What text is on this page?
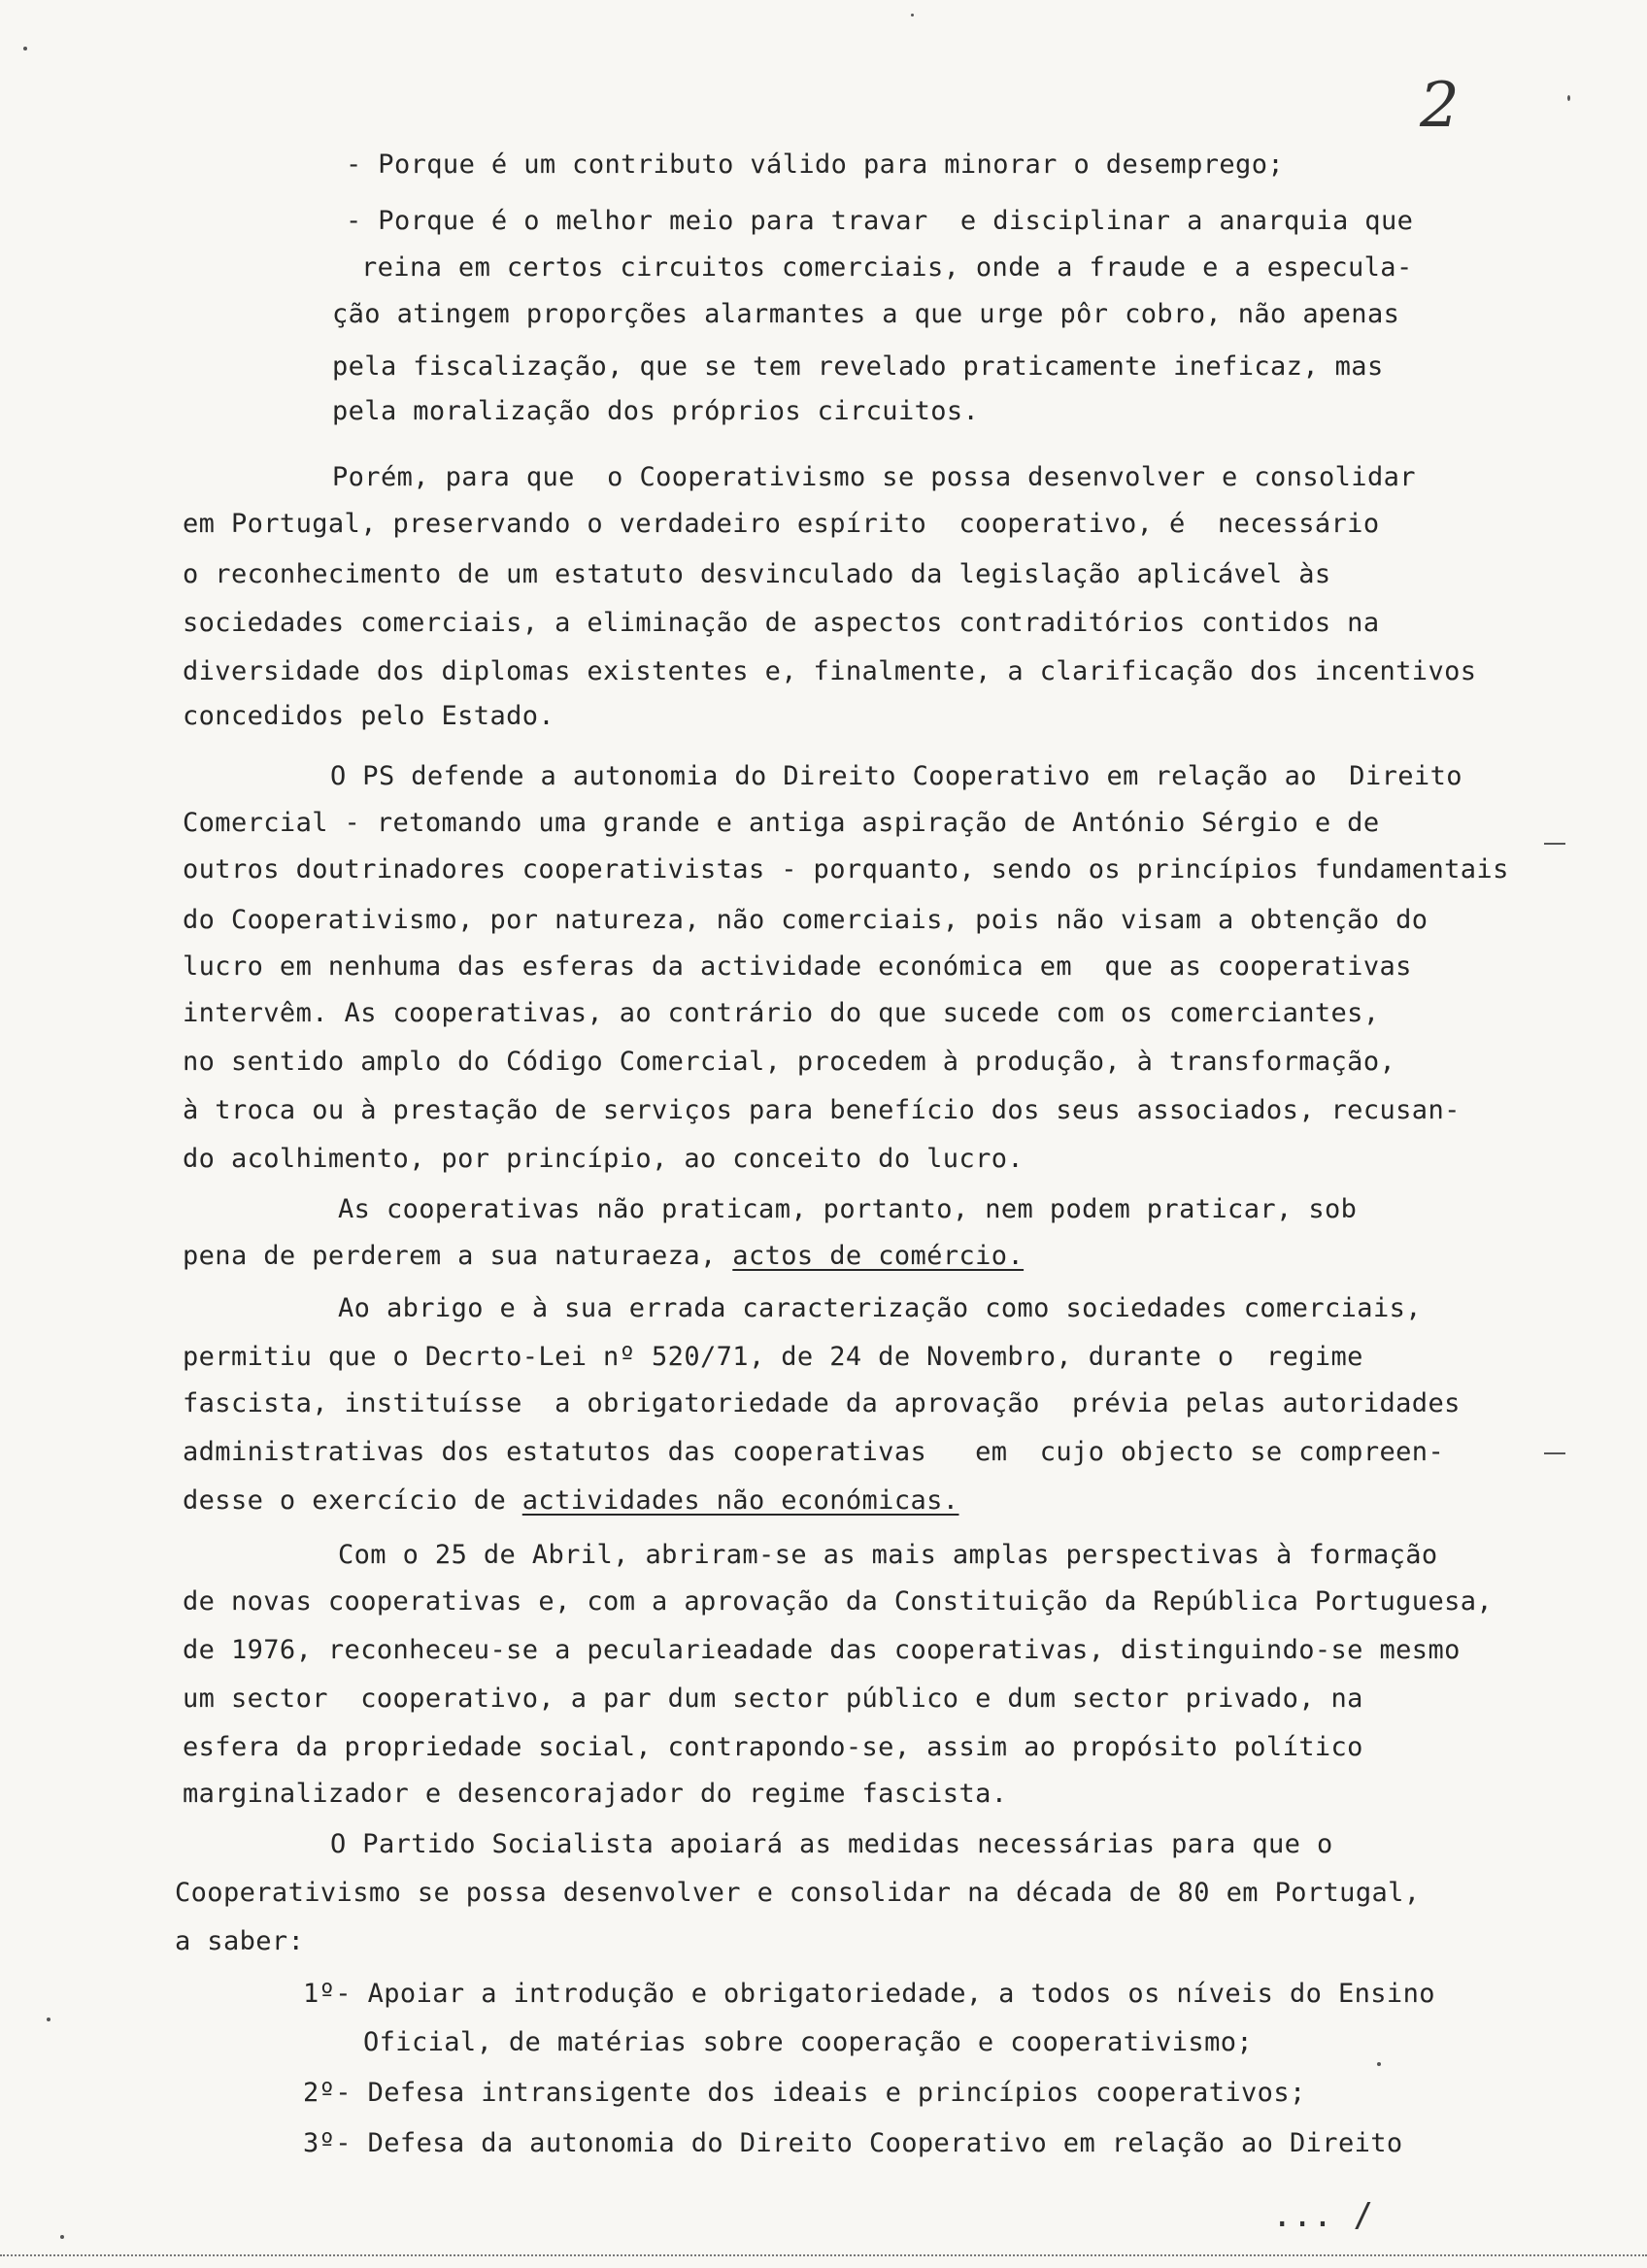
2
- Porque é um contributo válido para minorar o desemprego;
- Porque é o melhor meio para travar  e disciplinar a anarquia que
reina em certos circuitos comerciais, onde a fraude e a especula-
ção atingem proporções alarmantes a que urge pôr cobro, não apenas
pela fiscalização, que se tem revelado praticamente ineficaz, mas
pela moralização dos próprios circuitos.
Porém, para que  o Cooperativismo se possa desenvolver e consolidar
em Portugal, preservando o verdadeiro espírito  cooperativo, é  necessário
o reconhecimento de um estatuto desvinculado da legislação aplicável às
sociedades comerciais, a eliminação de aspectos contraditórios contidos na
diversidade dos diplomas existentes e, finalmente, a clarificação dos incentivos
concedidos pelo Estado.
O PS defende a autonomia do Direito Cooperativo em relação ao  Direito
Comercial - retomando uma grande e antiga aspiração de António Sérgio e de
outros doutrinadores cooperativistas - porquanto, sendo os princípios fundamentais
do Cooperativismo, por natureza, não comerciais, pois não visam a obtenção do
lucro em nenhuma das esferas da actividade económica em  que as cooperativas
intervêm. As cooperativas, ao contrário do que sucede com os comerciantes,
no sentido amplo do Código Comercial, procedem à produção, à transformação,
à troca ou à prestação de serviços para benefício dos seus associados, recusan-
do acolhimento, por princípio, ao conceito do lucro.
As cooperativas não praticam, portanto, nem podem praticar, sob
pena de perderem a sua naturaeza, actos de comércio.
Ao abrigo e à sua errada caracterização como sociedades comerciais,
permitiu que o Decrto-Lei nº 520/71, de 24 de Novembro, durante o  regime
fascista, instituísse  a obrigatoriedade da aprovação  prévia pelas autoridades
administrativas dos estatutos das cooperativas   em  cujo objecto se compreen-
desse o exercício de actividades não económicas.
Com o 25 de Abril, abriram-se as mais amplas perspectivas à formação
de novas cooperativas e, com a aprovação da Constituição da República Portuguesa,
de 1976, reconheceu-se a pecularieadade das cooperativas, distinguindo-se mesmo
um sector  cooperativo, a par dum sector público e dum sector privado, na
esfera da propriedade social, contrapondo-se, assim ao propósito político
marginalizador e desencorajador do regime fascista.
O Partido Socialista apoiará as medidas necessárias para que o
Cooperativismo se possa desenvolver e consolidar na década de 80 em Portugal,
a saber:
1º- Apoiar a introdução e obrigatoriedade, a todos os níveis do Ensino
Oficial, de matérias sobre cooperação e cooperativismo;
2º- Defesa intransigente dos ideais e princípios cooperativos;
3º- Defesa da autonomia do Direito Cooperativo em relação ao Direito
... /
